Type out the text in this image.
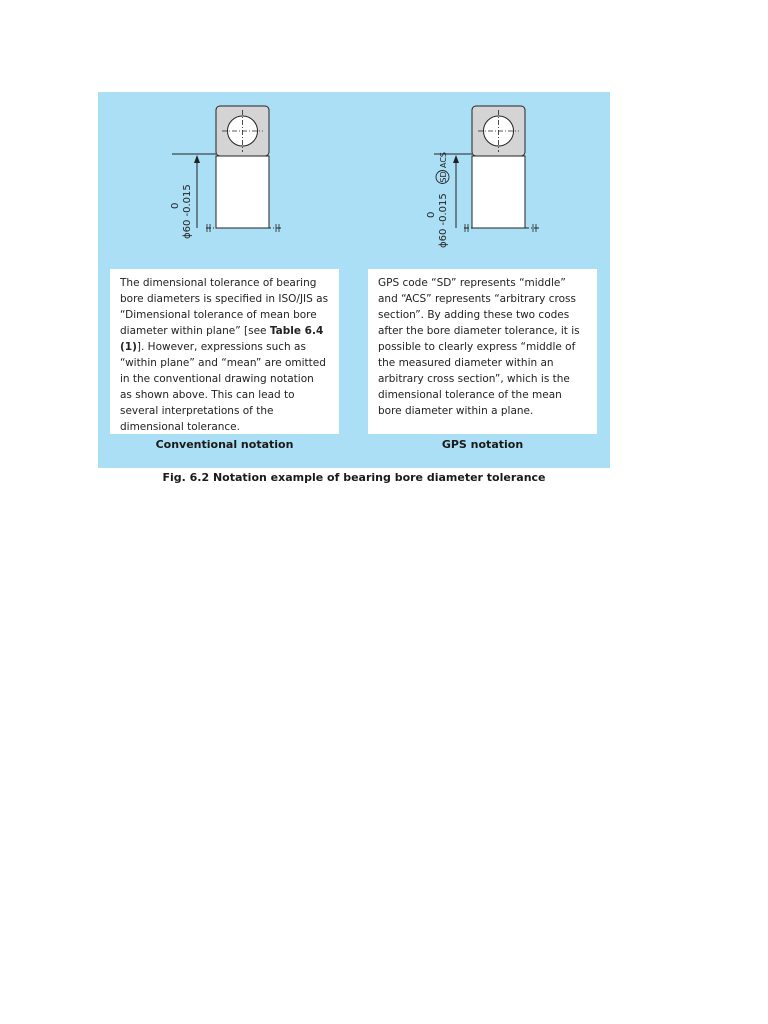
0 ϕ60 -0.015	0 ϕ60 -0.015
SD
ACS

The dimensional tolerance of bearing bore diameters is specified in ISO/JIS as “Dimensional tolerance of mean bore diameter within plane” [see Table 6.4 (1)]. However, expressions such as “within plane” and “mean” are omitted in the conventional drawing notation as shown above. This can lead to several interpretations of the dimensional tolerance.

GPS code “SD” represents “middle” and “ACS” represents “arbitrary cross section”. By adding these two codes after the bore diameter tolerance, it is possible to clearly express “middle of the measured diameter within an arbitrary cross section”, which is the dimensional tolerance of the mean bore diameter within a plane.

Conventional notation	GPS notation
Fig. 6.2 Notation example of bearing bore diameter tolerance
